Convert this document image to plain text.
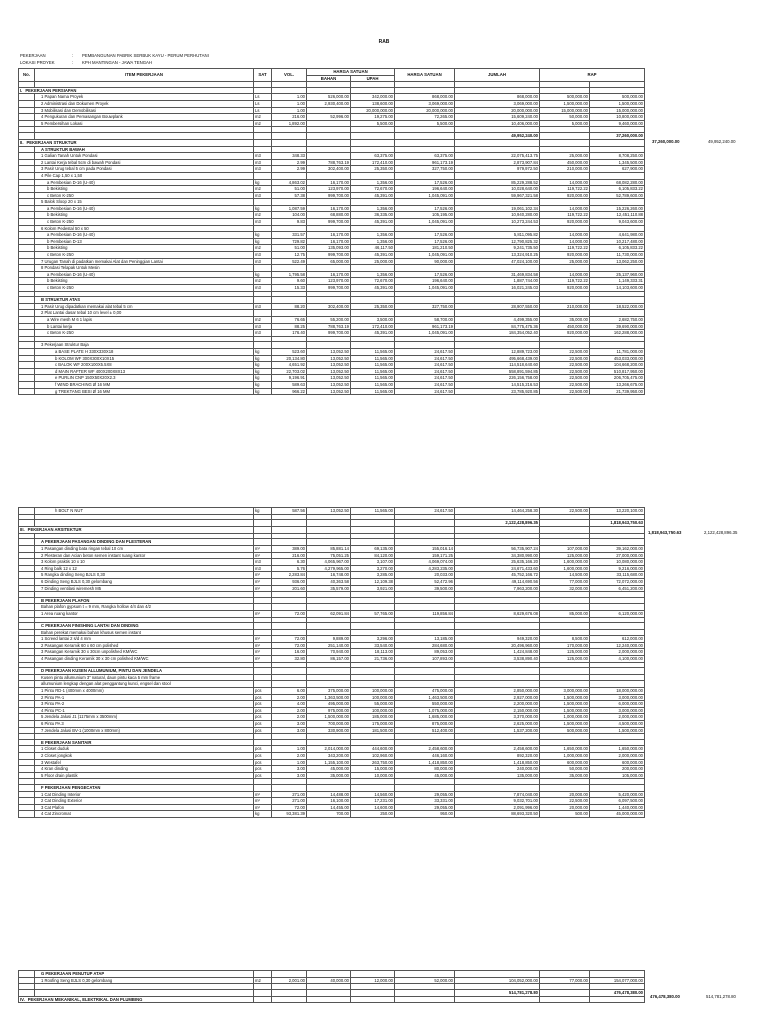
RAB
PEKERJAAN	:	PEMBANGUNAN PABRIK SERBUK KAYU - PERUM PERHUTANI
LOKASI PROYEK	:	KPH MANTINGAN - JAWA TENGAH
No.	ITEM PEKERJAAN	SAT	VOL.	HARGA SATUAN		HARGA SATUAN	JUMLAH	RAP	
				BAHAN	UPAH				

I. PEKERJAAN PERSIAPAN									
	1 Papan Nama Proyek	Ls	1.00	526,000.00	342,000.00	868,000.00	868,000.00	500,000.00	500,000.00
	2 Administrasi dan Dokumen Proyek	Ls	1.00	2,930,400.00	138,600.00	3,069,000.00	3,069,000.00	1,500,000.00	1,500,000.00
	3 Mobilisasi dan Demobilisasi	Ls	1.00		20,000,000.00	20,000,000.00	20,000,000.00	15,000,000.00	15,000,000.00
	4 Pengukuran dan Pemasangan Bouwplank	m2	216.00	52,996.00	19,275.00	72,265.00	15,609,240.00	50,000.00	10,800,000.00
	5 Pembersihan Lokasi	m2	1,892.00		5,500.00	5,500.00	10,406,000.00	5,000.00	9,460,000.00

							49,952,240.00		37,260,000.00
II. PEKERJAAN STRUKTUR									
	A STRUKTUR BAWAH								
	1 Galian Tanah Untuk Pondasi	m3	348.33		63,375.00	63,375.00	22,075,413.75	25,000.00	8,708,250.00
	2 Lantai Kerja tebal 5cm di bawah Pondasi	m3	2.99	788,763.19	172,410.00	961,173.19	2,873,907.84	450,000.00	1,345,500.00
	3 Pasir Urug tebal 5 cm pada Pondasi	m3	2.99	302,400.00	25,350.00	327,750.00	979,972.50	210,000.00	627,900.00
	4 Pile Cap 1,50 x 1,50								
	a Pembesian D-16 (U-40)	kg	4,863.02	16,170.00	1,356.00	17,526.00	85,229,288.52	14,000.00	68,082,280.00
	b Bekisting	m2	51.00	123,970.00	72,670.00	196,640.00	10,028,640.00	119,722.22	6,105,833.22
	c Beton K-250	m3	57.38	999,700.00	45,391.00	1,045,091.00	59,967,321.58	920,000.00	52,789,600.00
	5 Balok Sloop 20 x 15								
	a Pembesian D-16 (U-40)	kg	1,087.59	16,170.00	1,356.00	17,526.00	19,061,102.34	14,000.00	15,226,260.00
	b Bekisting	m2	104.00	68,880.00	36,335.00	105,195.00	10,940,280.00	119,722.22	12,451,110.88
	c Beton K-250	m3	9.83	999,700.00	45,391.00	1,045,091.00	10,273,244.53	920,000.00	9,043,600.00
	6 Kolom Pedestal 50 x 50								
	a Pembesian D-16 (U-40)	kg	331.57	16,170.00	1,356.00	17,526.00	5,811,095.82	14,000.00	4,641,980.00
	b Pembesian D-13	kg	729.82	16,170.00	1,356.00	17,526.00	12,790,825.32	14,000.00	10,217,480.00
	b Bekisting	m2	51.00	135,093.00	46,117.50	181,210.50	9,241,735.50	119,722.22	6,105,833.22
	c Beton K-250	m3	12.75	999,700.00	45,391.00	1,045,091.00	13,324,910.25	920,000.00	11,730,000.00
	7 Urugan Tanah di padatkan memakai Alat dan Peninggian Lantai	m3	522.49	65,000.00	25,000.00	90,000.00	47,024,100.00	25,000.00	13,062,250.00
	8 Pondasi Telapak Untuk Mesin								
	a Pembesian D-16 (U-40)	kg	1,795.58	16,170.00	1,356.00	17,526.00	31,469,834.58	14,000.00	25,137,960.00
	b Bekisting	m2	9.60	123,970.00	72,670.00	196,640.00	1,887,744.00	119,722.22	1,149,333.31
	c Beton K-250	m3	15.33	999,700.00	45,391.00	1,045,091.00	16,021,245.03	920,000.00	14,103,600.00

	B STRUKTUR ATAS								
	1 Pasir Urug dipadatkan memakai alat tebal 5 cm	m3	88.20	302,400.00	25,350.00	327,750.00	28,907,550.00	210,000.00	18,522,000.00
	2 Plat Lantai dasar tebal 10 cm level ± 0,00								
	a Wire mesh M 6 1 lapis	m2	76.65	55,200.00	3,500.00	58,700.00	4,499,355.00	35,000.00	2,682,750.00
	b Lantai kerja	m3	88.25	788,763.19	172,410.00	961,173.19	84,775,475.36	450,000.00	39,690,000.00
	c Beton K-250	m3	176.40	999,700.00	45,391.00	1,045,091.00	184,354,052.40	920,000.00	162,288,000.00

	3 Pekerjaan Struktur Baja								
	a BASE PLATE H 330X330X18	kg	523.60	13,052.50	11,565.00	24,617.50	12,889,723.00	22,500.00	11,781,000.00
	b KOLOM WF 300X300X10X15	kg	20,134.80	13,052.50	11,565.00	24,617.50	495,668,439.00	22,500.00	453,033,000.00
	c BALOK WF 200X100X5.5X8	kg	4,651.92	13,052.50	11,565.00	24,617.50	114,518,640.60	22,500.00	104,668,200.00
	d MAIN RAFTER WF 400X200X8X13	kg	22,703.02	13,052.50	11,565.00	24,617.50	558,891,594.85	22,500.00	510,817,950.00
	e PURLIN CNP 150X50X20X2.3	kg	9,196.91	13,052.50	11,565.00	24,617.50	226,156,758.00	22,500.00	206,705,475.00
	f WIND BRACHING Ø 16 MM	kg	589.63	13,052.50	11,565.00	24,617.50	14,515,216.53	22,500.00	13,266,675.00
	g TREKTANG BESI Ø 16 MM	kg	966.22	13,052.50	11,565.00	24,617.50	23,785,920.85	22,500.00	21,739,950.00
	h BOLT N NUT	kg	587.56	13,052.50	11,565.00	24,617.50	14,464,258.30	22,500.00	13,220,100.00

							2,122,428,896.35		1,818,943,750.63
III. PEKERJAAN ARSITEKTUR									

	A PEKERJAAN PASANGAN DINDING DAN PLESTERAN								
	1 Pasangan dinding bata ringan tebal 10 cm	m²	389.00	85,881.14	69,135.00	155,016.14	56,735,907.24	107,000.00	39,162,000.00
	2 Plesteran dan Acian beton semen instant ruang kantor	m²	216.00	75,051.25	84,120.00	159,171.25	34,380,990.00	125,000.00	27,000,000.00
	3 Kolom praktis 10 x 10	m3	6.30	4,065,967.00	3,107.00	4,069,074.00	25,635,166.20	1,600,000.00	10,080,000.00
	4 Ring balk 12 x 12	m3	5.76	4,279,965.00	3,270.00	4,283,235.00	24,671,433.60	1,600,000.00	9,216,000.00
	5 Rangka dinding Seng BJLS 0,30	m²	2,283.84	16,748.00	3,285.00	20,033.00	45,752,166.72	14,500.00	33,115,680.00
	6 Dinding Seng BJLS 0,30 gelombang	m²	936.00	40,363.58	12,109.38	52,472.96	49,114,690.56	77,000.00	72,072,000.00
	7 Dinding ventilasi wiremesh M5	m²	201.60	35,579.00	3,921.00	39,500.00	7,963,200.00	32,000.00	6,451,200.00

	B PEKERJAAN PLAFON								
	Bahan plafon gypsum t = 9 mm, Rangka hollow 4/4 dan 4/2								
	1 Area ruang kantor	m²	72.00	62,091.84	57,765.00	119,856.84	8,629,676.08	85,000.00	6,120,000.00

	C PEKERJAAN FINISHING LANTAI DAN DINDING								
	Bahan perekat memakai bahan khusus semen instant								
	1 Screed lantai 2 s/d 4 mm	m²	72.00	9,889.00	3,296.00	13,185.00	949,320.00	8,500.00	612,000.00
	2 Pasangan Keramik 60 x 60 cm polished	m²	72.00	251,140.00	33,540.00	284,680.00	20,496,960.00	170,000.00	12,240,000.00
	3 Pasangan Keramik 30 x 30cm unpolished KM/WC	m²	16.00	70,940.00	18,113.00	89,053.00	1,424,848.00	125,000.00	2,000,000.00
	4 Pasangan dinding Keramik 30 x 30 cm polished KM/WC	m²	32.80	86,157.00	21,736.00	107,893.00	3,538,890.40	125,000.00	4,100,000.00

	D PEKERJAAN KUSEN ALLUMUNIUM, PINTU DAN JENDELA								
	Kusen pintu allumunium 3" natural, daun pintu kaca 5 mm frame								
	allumunium lengkap dengan alat penggantung kunci, engsel dan stool								
	1 Pintu RD-1 (400mm x 4000mm)	pcs	6.00	375,000.00	100,000.00	475,000.00	2,850,000.00	3,000,000.00	18,000,000.00
	2 Pintu PA-1	pcs	2.00	1,363,500.00	100,000.00	1,463,500.00	2,927,000.00	1,500,000.00	3,000,000.00
	3 Pintu PA-2	pcs	4.00	495,000.00	55,000.00	550,000.00	2,200,000.00	1,500,000.00	6,000,000.00
	4 Pintu PC-1	pcs	2.00	975,000.00	100,000.00	1,075,000.00	2,150,000.00	1,500,000.00	3,000,000.00
	5 Jendela Jalusi J1 (1175mm x 3500mm)	pcs	2.00	1,500,000.00	185,000.00	1,685,000.00	3,370,000.00	1,000,000.00	2,000,000.00
	6 Pintu PA 3	pcs	3.00	700,000.00	175,000.00	875,000.00	2,625,000.00	1,500,000.00	4,500,000.00
	7 Jendela Jalusi BV-1 (1000mm x 800mm)	pcs	3.00	330,900.00	181,500.00	512,400.00	1,537,200.00	500,000.00	1,500,000.00

	E PEKERJAAN SANITAIR								
	1 Closet duduk	pcs	1.00	2,014,000.00	444,600.00	2,458,600.00	2,458,600.00	1,650,000.00	1,650,000.00
	2 Closet jongkok	pcs	2.00	343,200.00	102,960.00	446,160.00	892,320.00	1,000,000.00	2,000,000.00
	3 Westafel	pcs	1.00	1,155,100.00	263,750.00	1,418,850.00	1,418,850.00	600,000.00	600,000.00
	4 Kran dinding	pcs	3.00	45,000.00	15,000.00	80,000.00	240,000.00	50,000.00	200,000.00
	5 Floor drain plastik	pcs	3.00	35,000.00	10,000.00	45,000.00	135,000.00	35,000.00	105,000.00

	F PEKERJAAN PENGECATAN								
	1 Cat Dinding Interior	m²	271.00	14,488.00	14,560.00	29,055.00	7,874,040.00	20,000.00	5,420,000.00
	2 Cat Dinding Exterior	m²	271.00	16,100.00	17,231.00	33,331.00	9,032,701.00	22,500.00	6,097,500.00
	3 Cat Plafon	m²	72.00	14,455.00	14,600.00	29,055.00	2,091,996.00	20,000.00	1,440,000.00
	4 Cat Zincromat	kg	93,381.39	700.00	250.00	950.00	88,693,320.50	500.00	45,000,000.00
	G PEKERJAAN PENUTUP ATAP								
	1 Roofing Seng BJLS 0,30 gelombang	m2	2,001.00	40,000.00	12,000.00	52,000.00	104,052,000.00	77,000.00	154,077,000.00

							514,781,278.80		476,478,380.00
IV. PEKERJAAN MEKANIKAL, ELEKTRIKAL DAN PLUMBING									
37,260,000.00	49,952,240.00
1,818,943,750.63	2,122,428,896.35
476,478,380.00	514,781,278.80
